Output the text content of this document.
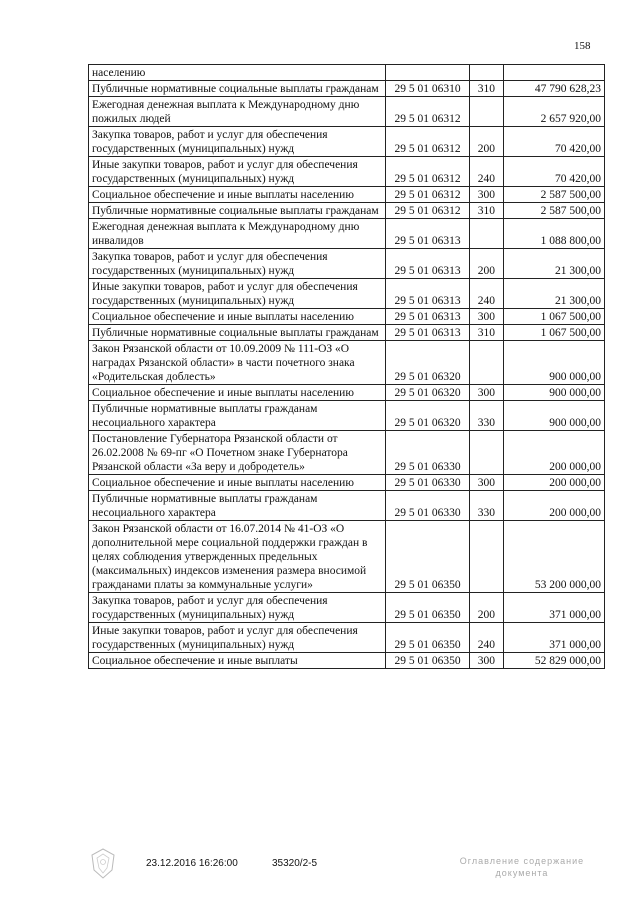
158
населению			
Публичные нормативные социальные выплаты гражданам	29 5 01 06310	310	47 790 628,23
Ежегодная денежная выплата к Международному дню пожилых людей	29 5 01 06312		2 657 920,00
Закупка товаров, работ и услуг для обеспечения государственных (муниципальных) нужд	29 5 01 06312	200	70 420,00
Иные закупки товаров, работ и услуг для обеспечения государственных (муниципальных) нужд	29 5 01 06312	240	70 420,00
Социальное обеспечение и иные выплаты населению	29 5 01 06312	300	2 587 500,00
Публичные нормативные социальные выплаты гражданам	29 5 01 06312	310	2 587 500,00
Ежегодная денежная выплата к Международному дню инвалидов	29 5 01 06313		1 088 800,00
Закупка товаров, работ и услуг для обеспечения государственных (муниципальных) нужд	29 5 01 06313	200	21 300,00
Иные закупки товаров, работ и услуг для обеспечения государственных (муниципальных) нужд	29 5 01 06313	240	21 300,00
Социальное обеспечение и иные выплаты населению	29 5 01 06313	300	1 067 500,00
Публичные нормативные социальные выплаты гражданам	29 5 01 06313	310	1 067 500,00
Закон Рязанской области от 10.09.2009 № 111-ОЗ «О наградах Рязанской области» в части почетного знака «Родительская доблесть»	29 5 01 06320		900 000,00
Социальное обеспечение и иные выплаты населению	29 5 01 06320	300	900 000,00
Публичные нормативные выплаты гражданам несоциального характера	29 5 01 06320	330	900 000,00
Постановление Губернатора Рязанской области от 26.02.2008 № 69-пг «О Почетном знаке Губернатора Рязанской области «За веру и добродетель»	29 5 01 06330		200 000,00
Социальное обеспечение и иные выплаты населению	29 5 01 06330	300	200 000,00
Публичные нормативные выплаты гражданам несоциального характера	29 5 01 06330	330	200 000,00
Закон Рязанской области от 16.07.2014 № 41-ОЗ «О дополнительной мере социальной поддержки граждан в целях соблюдения утвержденных предельных (максимальных) индексов изменения размера вносимой гражданами платы за коммунальные услуги»	29 5 01 06350		53 200 000,00
Закупка товаров, работ и услуг для обеспечения государственных (муниципальных) нужд	29 5 01 06350	200	371 000,00
Иные закупки товаров, работ и услуг для обеспечения государственных (муниципальных) нужд	29 5 01 06350	240	371 000,00
Социальное обеспечение и иные выплаты	29 5 01 06350	300	52 829 000,00
23.12.2016 16:26:00	35320/2-5	Оглавление содержание
документа
